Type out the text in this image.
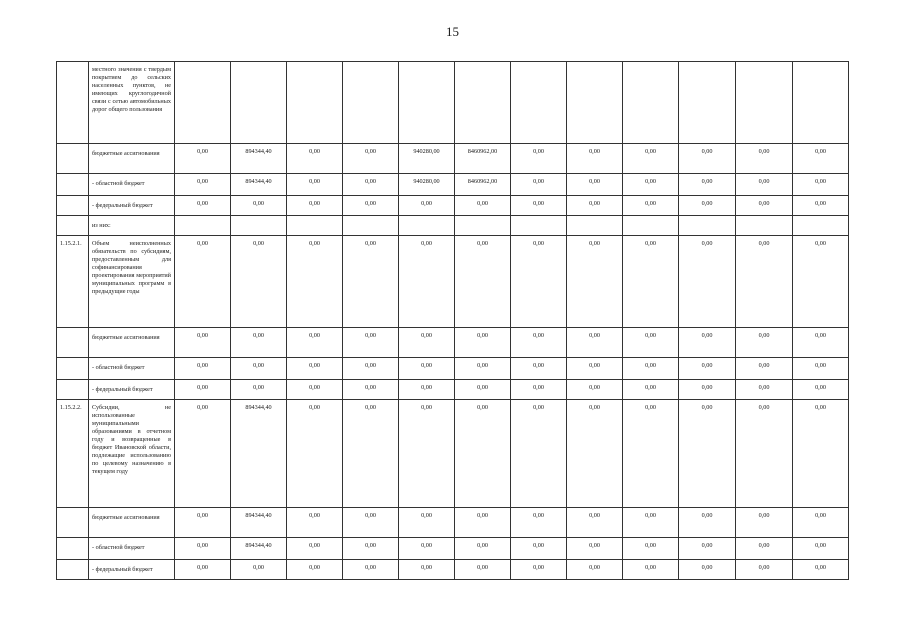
15
	местного значения с твердым покрытием до сельских населенных пунктов, не имеющих круглогодичной связи с сетью автомобильных дорог общего пользования												
	бюджетные ассигнования	0,00	894344,40	0,00	0,00	940280,00	8460962,00	0,00	0,00	0,00	0,00	0,00	0,00
	- областной бюджет	0,00	894344,40	0,00	0,00	940280,00	8460962,00	0,00	0,00	0,00	0,00	0,00	0,00
	- федеральный бюджет	0,00	0,00	0,00	0,00	0,00	0,00	0,00	0,00	0,00	0,00	0,00	0,00
	из них:												
1.15.2.1.	Объем неисполненных обязательств по субсидиям, предоставленным для софинансирования проектирования мероприятий муниципальных программ в предыдущие годы	0,00	0,00	0,00	0,00	0,00	0,00	0,00	0,00	0,00	0,00	0,00	0,00
	бюджетные ассигнования	0,00	0,00	0,00	0,00	0,00	0,00	0,00	0,00	0,00	0,00	0,00	0,00
	- областной бюджет	0,00	0,00	0,00	0,00	0,00	0,00	0,00	0,00	0,00	0,00	0,00	0,00
	- федеральный бюджет	0,00	0,00	0,00	0,00	0,00	0,00	0,00	0,00	0,00	0,00	0,00	0,00
1.15.2.2.	Субсидии, не использованные муниципальными образованиями в отчетном году и возвращенные в бюджет Ивановской области, подлежащие использованию по целевому назначению в текущем году	0,00	894344,40	0,00	0,00	0,00	0,00	0,00	0,00	0,00	0,00	0,00	0,00
	бюджетные ассигнования	0,00	894344,40	0,00	0,00	0,00	0,00	0,00	0,00	0,00	0,00	0,00	0,00
	- областной бюджет	0,00	894344,40	0,00	0,00	0,00	0,00	0,00	0,00	0,00	0,00	0,00	0,00
	- федеральный бюджет	0,00	0,00	0,00	0,00	0,00	0,00	0,00	0,00	0,00	0,00	0,00	0,00
